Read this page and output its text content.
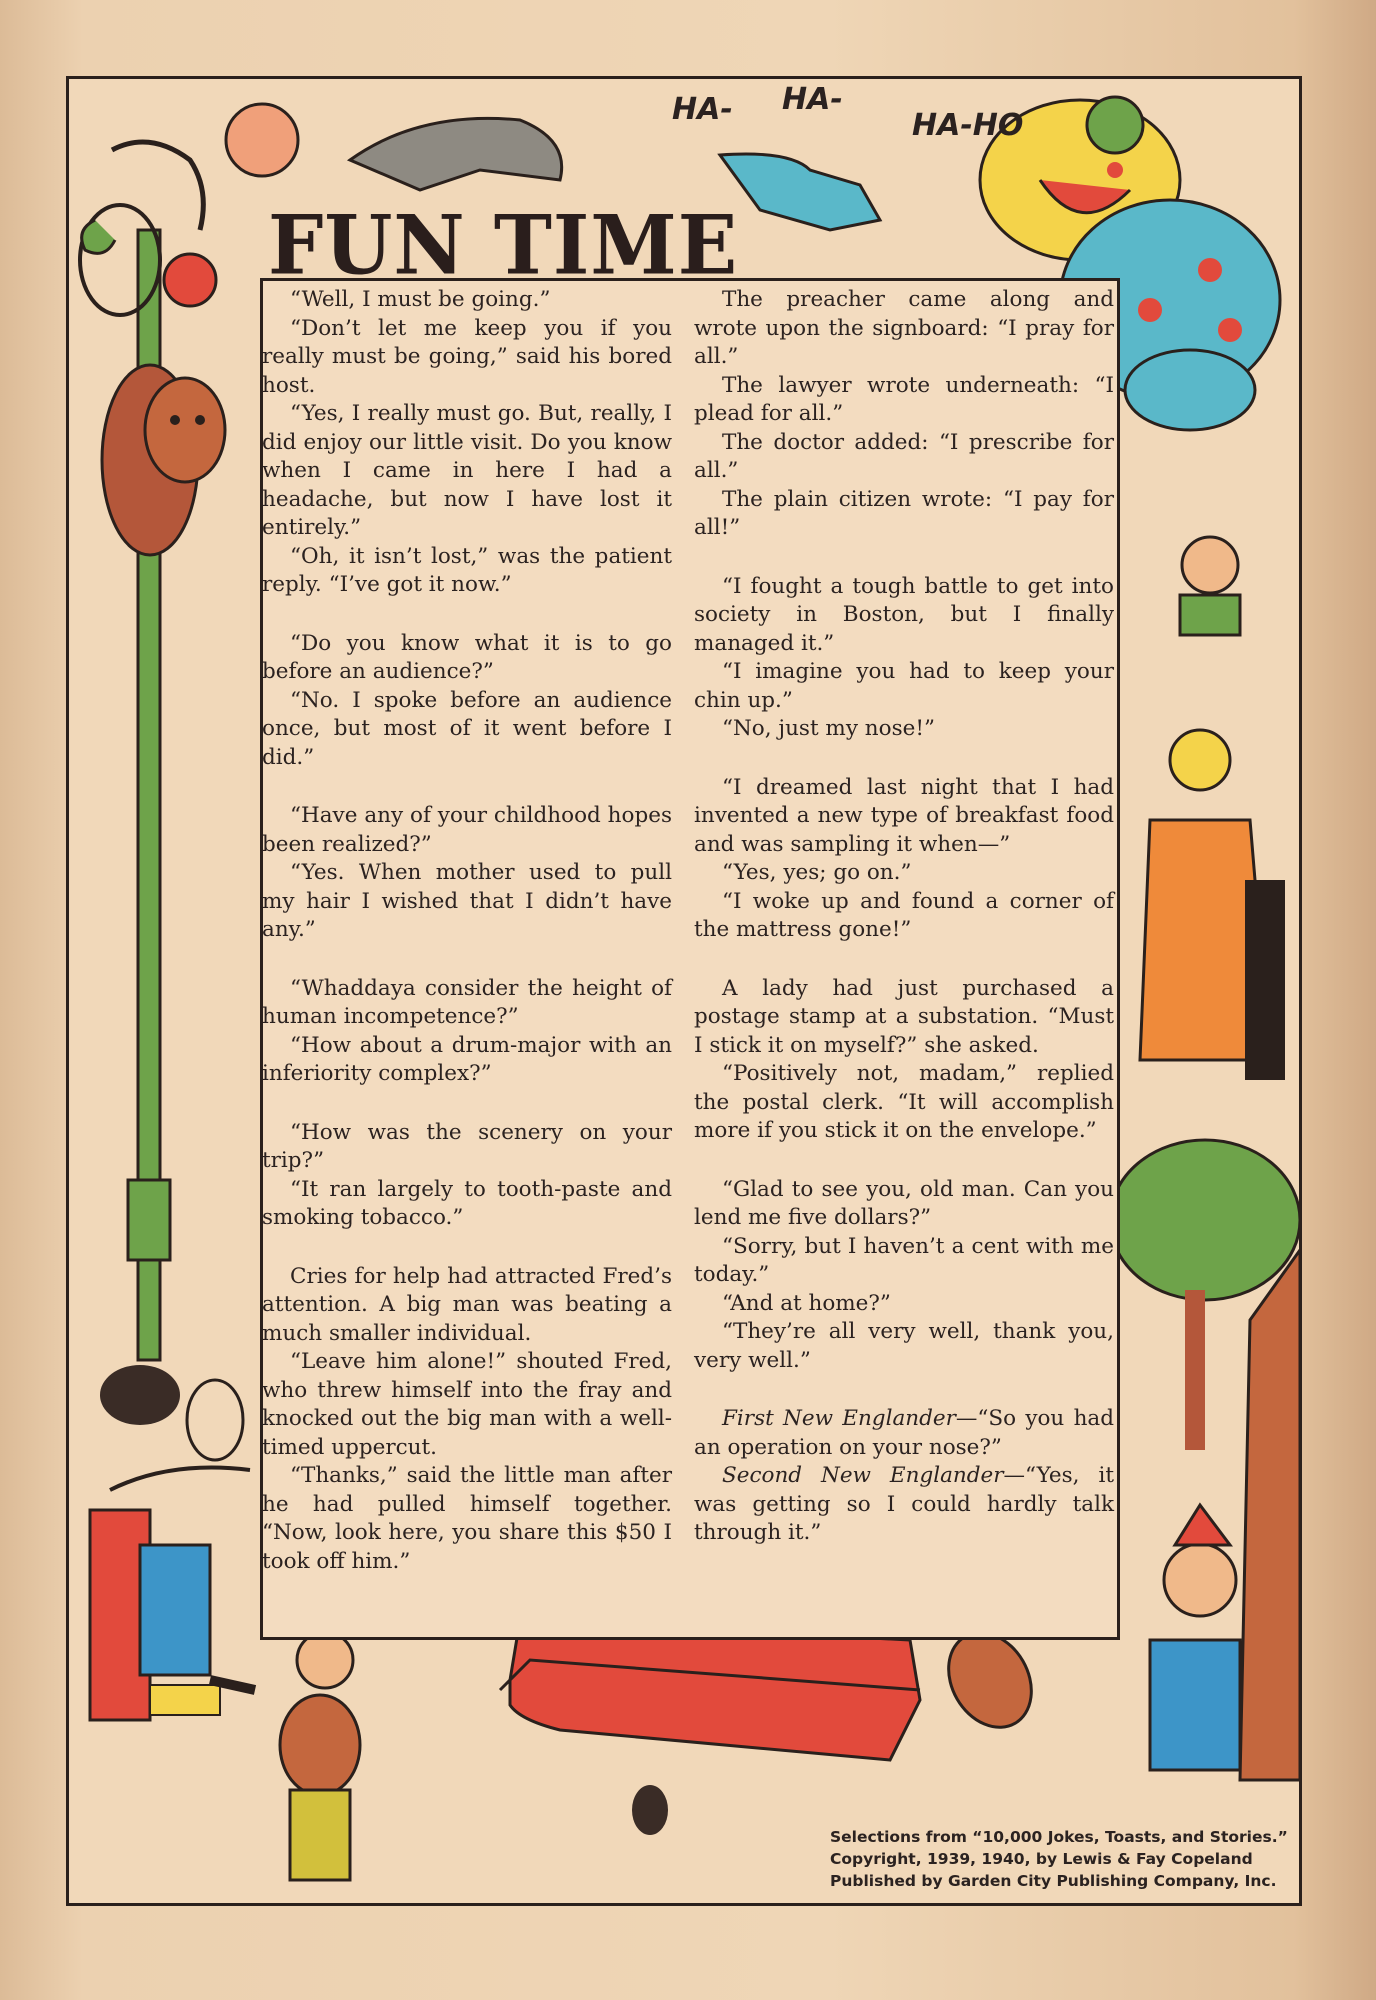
HA- HA-
HA-HO
FUN TIME

“Well, I must be going.”

“Don’t let me keep you if you really must be going,” said his bored host.

“Yes, I really must go. But, really, I did enjoy our little visit. Do you know when I came in here I had a headache, but now I have lost it entirely.”

“Oh, it isn’t lost,” was the patient reply. “I’ve got it now.”

“Do you know what it is to go before an audience?”

“No. I spoke before an audience once, but most of it went before I did.”

“Have any of your childhood hopes been realized?”

“Yes. When mother used to pull my hair I wished that I didn’t have any.”

“Whaddaya consider the height of human incompetence?”

“How about a drum-major with an inferiority complex?”

“How was the scenery on your trip?”

“It ran largely to tooth-paste and smoking tobacco.”

Cries for help had attracted Fred’s attention. A big man was beating a much smaller individual.

“Leave him alone!” shouted Fred, who threw himself into the fray and knocked out the big man with a well-timed uppercut.

“Thanks,” said the little man after he had pulled himself together. “Now, look here, you share this $50 I took off him.”

The preacher came along and wrote upon the signboard: “I pray for all.”

The lawyer wrote underneath: “I plead for all.”

The doctor added: “I prescribe for all.”

The plain citizen wrote: “I pay for all!”

“I fought a tough battle to get into society in Boston, but I finally managed it.”

“I imagine you had to keep your chin up.”

“No, just my nose!”

“I dreamed last night that I had invented a new type of breakfast food and was sampling it when—”

“Yes, yes; go on.”

“I woke up and found a corner of the mattress gone!”

A lady had just purchased a postage stamp at a substation. “Must I stick it on myself?” she asked.

“Positively not, madam,” replied the postal clerk. “It will accomplish more if you stick it on the envelope.”

“Glad to see you, old man. Can you lend me five dollars?”

“Sorry, but I haven’t a cent with me today.”

“And at home?”

“They’re all very well, thank you, very well.”

First New Englander—“So you had an operation on your nose?”

Second New Englander—“Yes, it was getting so I could hardly talk through it.”

Selections from “10,000 Jokes, Toasts, and Stories.”
Copyright, 1939, 1940, by Lewis & Fay Copeland
Published by Garden City Publishing Company, Inc.
